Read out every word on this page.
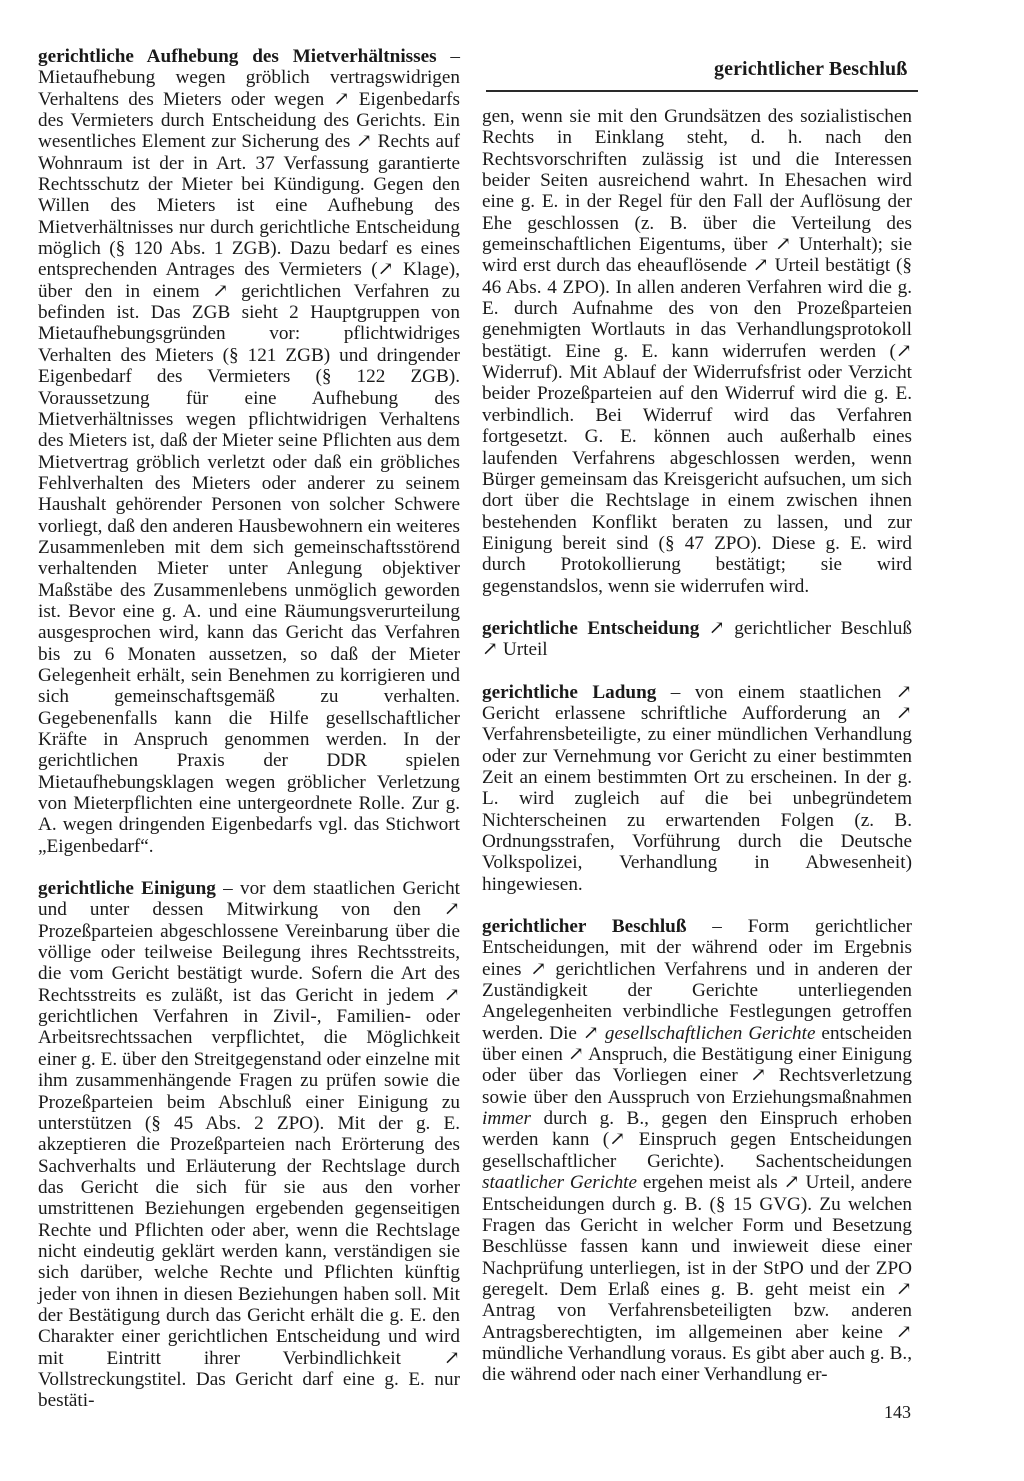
gerichtlicher Beschluß

gerichtliche Aufhebung des Mietverhältnisses – Mietaufhebung wegen gröblich vertragswidrigen Verhaltens des Mieters oder wegen ↗ Eigenbedarfs des Vermieters durch Entscheidung des Gerichts. Ein wesentliches Element zur Sicherung des ↗ Rechts auf Wohnraum ist der in Art. 37 Verfassung garantierte Rechtsschutz der Mieter bei Kündigung. Gegen den Willen des Mieters ist eine Aufhebung des Mietverhältnisses nur durch gerichtliche Entscheidung möglich (§ 120 Abs. 1 ZGB). Dazu bedarf es eines entsprechenden Antrages des Vermieters (↗ Klage), über den in einem ↗ gerichtlichen Verfahren zu befinden ist. Das ZGB sieht 2 Hauptgruppen von Mietaufhebungsgründen vor: pflichtwidriges Verhalten des Mieters (§ 121 ZGB) und dringender Eigenbedarf des Vermieters (§ 122 ZGB). Voraussetzung für eine Aufhebung des Mietverhältnisses wegen pflichtwidrigen Verhaltens des Mieters ist, daß der Mieter seine Pflichten aus dem Mietvertrag gröblich verletzt oder daß ein gröbliches Fehlverhalten des Mieters oder anderer zu seinem Haushalt gehörender Personen von solcher Schwere vorliegt, daß den anderen Hausbewohnern ein weiteres Zusammenleben mit dem sich gemeinschaftsstörend verhaltenden Mieter unter Anlegung objektiver Maßstäbe des Zusammenlebens unmöglich geworden ist. Bevor eine g. A. und eine Räumungsverurteilung ausgesprochen wird, kann das Gericht das Verfahren bis zu 6 Monaten aussetzen, so daß der Mieter Gelegenheit erhält, sein Benehmen zu korrigieren und sich gemeinschaftsgemäß zu verhalten. Gegebenenfalls kann die Hilfe gesellschaftlicher Kräfte in Anspruch genommen werden. In der gerichtlichen Praxis der DDR spielen Mietaufhebungsklagen wegen gröblicher Verletzung von Mieterpflichten eine untergeordnete Rolle. Zur g. A. wegen dringenden Eigenbedarfs vgl. das Stichwort „Eigenbedarf“.

gerichtliche Einigung – vor dem staatlichen Gericht und unter dessen Mitwirkung von den ↗ Prozeßparteien abgeschlossene Vereinbarung über die völlige oder teilweise Beilegung ihres Rechtsstreits, die vom Gericht bestätigt wurde. Sofern die Art des Rechtsstreits es zuläßt, ist das Gericht in jedem ↗ gerichtlichen Verfahren in Zivil-, Familien- oder Arbeitsrechtssachen verpflichtet, die Möglichkeit einer g. E. über den Streitgegenstand oder einzelne mit ihm zusammenhängende Fragen zu prüfen sowie die Prozeßparteien beim Abschluß einer Einigung zu unterstützen (§ 45 Abs. 2 ZPO). Mit der g. E. akzeptieren die Prozeßparteien nach Erörterung des Sachverhalts und Erläuterung der Rechtslage durch das Gericht die sich für sie aus den vorher umstrittenen Beziehungen ergebenden gegenseitigen Rechte und Pflichten oder aber, wenn die Rechtslage nicht eindeutig geklärt werden kann, verständigen sie sich darüber, welche Rechte und Pflichten künftig jeder von ihnen in diesen Beziehungen haben soll. Mit der Bestätigung durch das Gericht erhält die g. E. den Charakter einer gerichtlichen Entscheidung und wird mit Eintritt ihrer Verbindlichkeit ↗ Vollstreckungstitel. Das Gericht darf eine g. E. nur bestäti-

gen, wenn sie mit den Grundsätzen des sozialistischen Rechts in Einklang steht, d. h. nach den Rechtsvorschriften zulässig ist und die Interessen beider Seiten ausreichend wahrt. In Ehesachen wird eine g. E. in der Regel für den Fall der Auflösung der Ehe geschlossen (z. B. über die Verteilung des gemeinschaftlichen Eigentums, über ↗ Unterhalt); sie wird erst durch das eheauflösende ↗ Urteil bestätigt (§ 46 Abs. 4 ZPO). In allen anderen Verfahren wird die g. E. durch Aufnahme des von den Prozeßparteien genehmigten Wortlauts in das Verhandlungsprotokoll bestätigt. Eine g. E. kann widerrufen werden (↗ Widerruf). Mit Ablauf der Widerrufsfrist oder Verzicht beider Prozeßparteien auf den Widerruf wird die g. E. verbindlich. Bei Widerruf wird das Verfahren fortgesetzt. G. E. können auch außerhalb eines laufenden Verfahrens abgeschlossen werden, wenn Bürger gemeinsam das Kreisgericht aufsuchen, um sich dort über die Rechtslage in einem zwischen ihnen bestehenden Konflikt beraten zu lassen, und zur Einigung bereit sind (§ 47 ZPO). Diese g. E. wird durch Protokollierung bestätigt; sie wird gegenstandslos, wenn sie widerrufen wird.

gerichtliche Entscheidung ↗ gerichtlicher Beschluß ↗ Urteil

gerichtliche Ladung – von einem staatlichen ↗ Gericht erlassene schriftliche Aufforderung an ↗ Verfahrensbeteiligte, zu einer mündlichen Verhandlung oder zur Vernehmung vor Gericht zu einer bestimmten Zeit an einem bestimmten Ort zu erscheinen. In der g. L. wird zugleich auf die bei unbegründetem Nichterscheinen zu erwartenden Folgen (z. B. Ordnungsstrafen, Vorführung durch die Deutsche Volkspolizei, Verhandlung in Abwesenheit) hingewiesen.

gerichtlicher Beschluß – Form gerichtlicher Entscheidungen, mit der während oder im Ergebnis eines ↗ gerichtlichen Verfahrens und in anderen der Zuständigkeit der Gerichte unterliegenden Angelegenheiten verbindliche Festlegungen getroffen werden. Die ↗ gesellschaftlichen Gerichte entscheiden über einen ↗ Anspruch, die Bestätigung einer Einigung oder über das Vorliegen einer ↗ Rechtsverletzung sowie über den Ausspruch von Erziehungsmaßnahmen immer durch g. B., gegen den Einspruch erhoben werden kann (↗ Einspruch gegen Entscheidungen gesellschaftlicher Gerichte). Sachentscheidungen staatlicher Gerichte ergehen meist als ↗ Urteil, andere Entscheidungen durch g. B. (§ 15 GVG). Zu welchen Fragen das Gericht in welcher Form und Besetzung Beschlüsse fassen kann und inwieweit diese einer Nachprüfung unterliegen, ist in der StPO und der ZPO geregelt. Dem Erlaß eines g. B. geht meist ein ↗ Antrag von Verfahrensbeteiligten bzw. anderen Antragsberechtigten, im allgemeinen aber keine ↗ mündliche Verhandlung voraus. Es gibt aber auch g. B., die während oder nach einer Verhandlung er-

143
